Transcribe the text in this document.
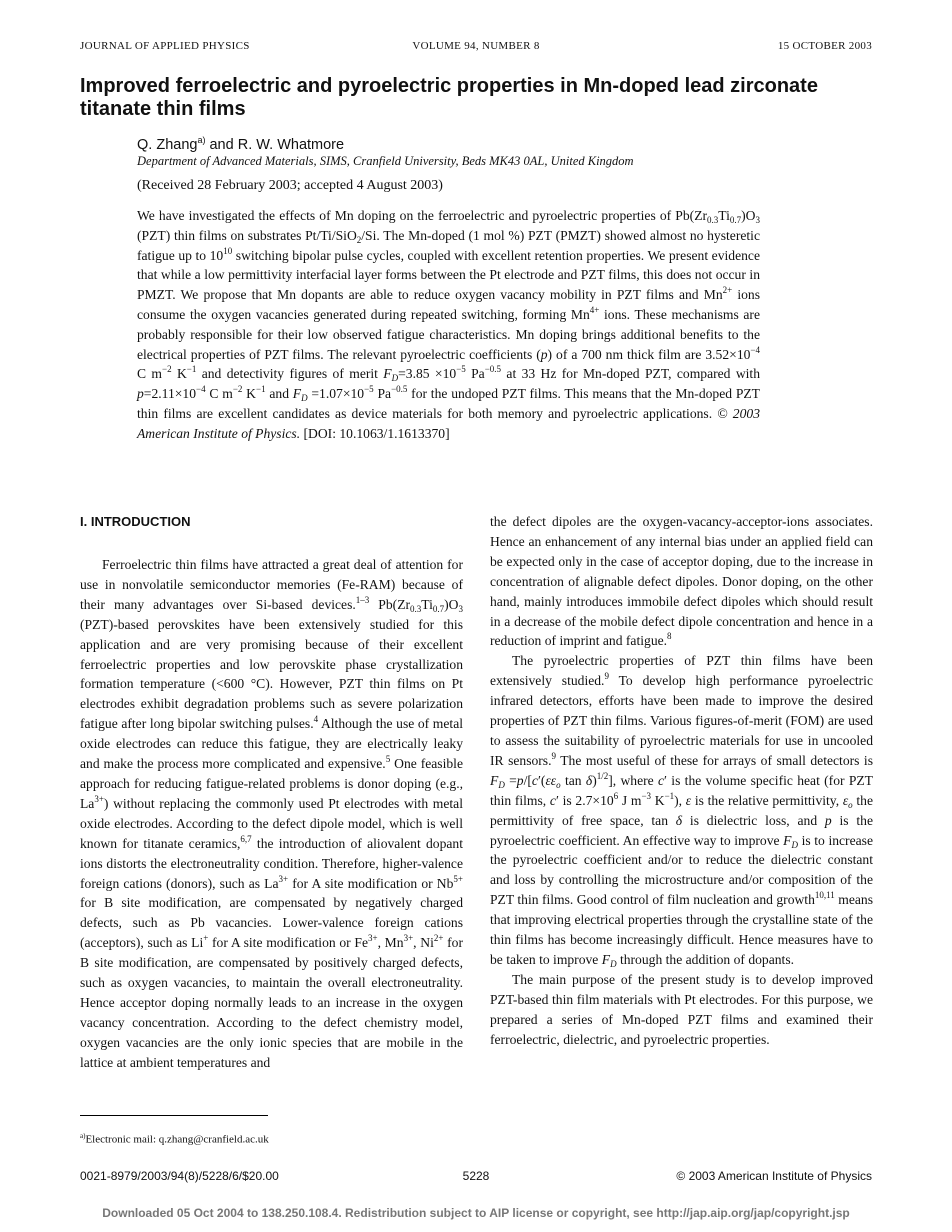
JOURNAL OF APPLIED PHYSICS	VOLUME 94, NUMBER 8	15 OCTOBER 2003
Improved ferroelectric and pyroelectric properties in Mn-doped lead zirconate titanate thin films
Q. Zhang$^{a)}$ and R. W. Whatmore
Department of Advanced Materials, SIMS, Cranfield University, Beds MK43 0AL, United Kingdom
(Received 28 February 2003; accepted 4 August 2003)
We have investigated the effects of Mn doping on the ferroelectric and pyroelectric properties of $Pb(Zr_{0.3}Ti_{0.7})O_3$ (PZT) thin films on substrates Pt/Ti/SiO$_2$/Si. The Mn-doped (1 mol %) PZT (PMZT) showed almost no hysteretic fatigue up to $10^{10}$ switching bipolar pulse cycles, coupled with excellent retention properties. We present evidence that while a low permittivity interfacial layer forms between the Pt electrode and PZT films, this does not occur in PMZT. We propose that Mn dopants are able to reduce oxygen vacancy mobility in PZT films and $Mn^{2+}$ ions consume the oxygen vacancies generated during repeated switching, forming $Mn^{4+}$ ions. These mechanisms are probably responsible for their low observed fatigue characteristics. Mn doping brings additional benefits to the electrical properties of PZT films. The relevant pyroelectric coefficients (p) of a 700 nm thick film are $3.52\times 10^{-4}$ C $m^{-2}$ $K^{-1}$ and detectivity figures of merit $F_D=3.85 \times 10^{-5}$ $Pa^{-0.5}$ at 33 Hz for Mn-doped PZT, compared with $p=2.11\times 10^{-4}$ C $m^{-2}$ $K^{-1}$ and $F_D =1.07\times 10^{-5}$ $Pa^{-0.5}$ for the undoped PZT films. This means that the Mn-doped PZT thin films are excellent candidates as device materials for both memory and pyroelectric applications. © 2003 American Institute of Physics. [DOI: 10.1063/1.1613370]
I. INTRODUCTION

Ferroelectric thin films have attracted a great deal of attention for use in nonvolatile semiconductor memories (Fe-RAM) because of their many advantages over Si-based devices.$^{1-3}$ $Pb(Zr_{0.3}Ti_{0.7})O_3$ (PZT)-based perovskites have been extensively studied for this application and are very promising because of their excellent ferroelectric properties and low perovskite phase crystallization formation temperature (<600 °C). However, PZT thin films on Pt electrodes exhibit degradation problems such as severe polarization fatigue after long bipolar switching pulses.$^4$ Although the use of metal oxide electrodes can reduce this fatigue, they are electrically leaky and make the process more complicated and expensive.$^5$ One feasible approach for reducing fatigue-related problems is donor doping (e.g., $La^{3+}$) without replacing the commonly used Pt electrodes with metal oxide electrodes. According to the defect dipole model, which is well known for titanate ceramics,$^{6,7}$ the introduction of aliovalent dopant ions distorts the electroneutrality condition. Therefore, higher-valence foreign cations (donors), such as $La^{3+}$ for A site modification or $Nb^{5+}$ for B site modification, are compensated by negatively charged defects, such as Pb vacancies. Lower-valence foreign cations (acceptors), such as Li+ for A site modification or $Fe^{3+}$, $Mn^{3+}$, $Ni^{2+}$ for B site modification, are compensated by positively charged defects, such as oxygen vacancies, to maintain the overall electroneutrality. Hence acceptor doping normally leads to an increase in the oxygen vacancy concentration. According to the defect chemistry model, oxygen vacancies are the only ionic species that are mobile in the lattice at ambient temperatures and

the defect dipoles are the oxygen-vacancy-acceptor-ions associates. Hence an enhancement of any internal bias under an applied field can be expected only in the case of acceptor doping, due to the increase in concentration of alignable defect dipoles. Donor doping, on the other hand, mainly introduces immobile defect dipoles which should result in a decrease of the mobile defect dipole concentration and hence in a reduction of imprint and fatigue.$^8$

The pyroelectric properties of PZT thin films have been extensively studied.$^9$ To develop high performance pyroelectric infrared detectors, efforts have been made to improve the desired properties of PZT thin films. Various figures-of-merit (FOM) are used to assess the suitability of pyroelectric materials for use in uncooled IR sensors.$^9$ The most useful of these for arrays of small detectors is $F_D =p/[c'(\varepsilon\varepsilon_o$ tan δ)$^{1/2}$], where c′ is the volume specific heat (for PZT thin films, c′ is $2.7\times 10^6$ J $m^{-3}$ $K^{-1}$), ε is the relative permittivity, $\varepsilon_o$ the permittivity of free space, tan δ is dielectric loss, and p is the pyroelectric coefficient. An effective way to improve $F_D$ is to increase the pyroelectric coefficient and/or to reduce the dielectric constant and loss by controlling the microstructure and/or composition of the PZT thin films. Good control of film nucleation and growth$^{10,11}$ means that improving electrical properties through the crystalline state of the thin films has become increasingly difficult. Hence measures have to be taken to improve $F_D$ through the addition of dopants.

The main purpose of the present study is to develop improved PZT-based thin film materials with Pt electrodes. For this purpose, we prepared a series of Mn-doped PZT films and examined their ferroelectric, dielectric, and pyroelectric properties.

$^{a)}$Electronic mail: q.zhang@cranfield.ac.uk
0021-8979/2003/94(8)/5228/6/$20.00	5228	© 2003 American Institute of Physics
Downloaded 05 Oct 2004 to 138.250.108.4. Redistribution subject to AIP license or copyright, see http://jap.aip.org/jap/copyright.jsp
